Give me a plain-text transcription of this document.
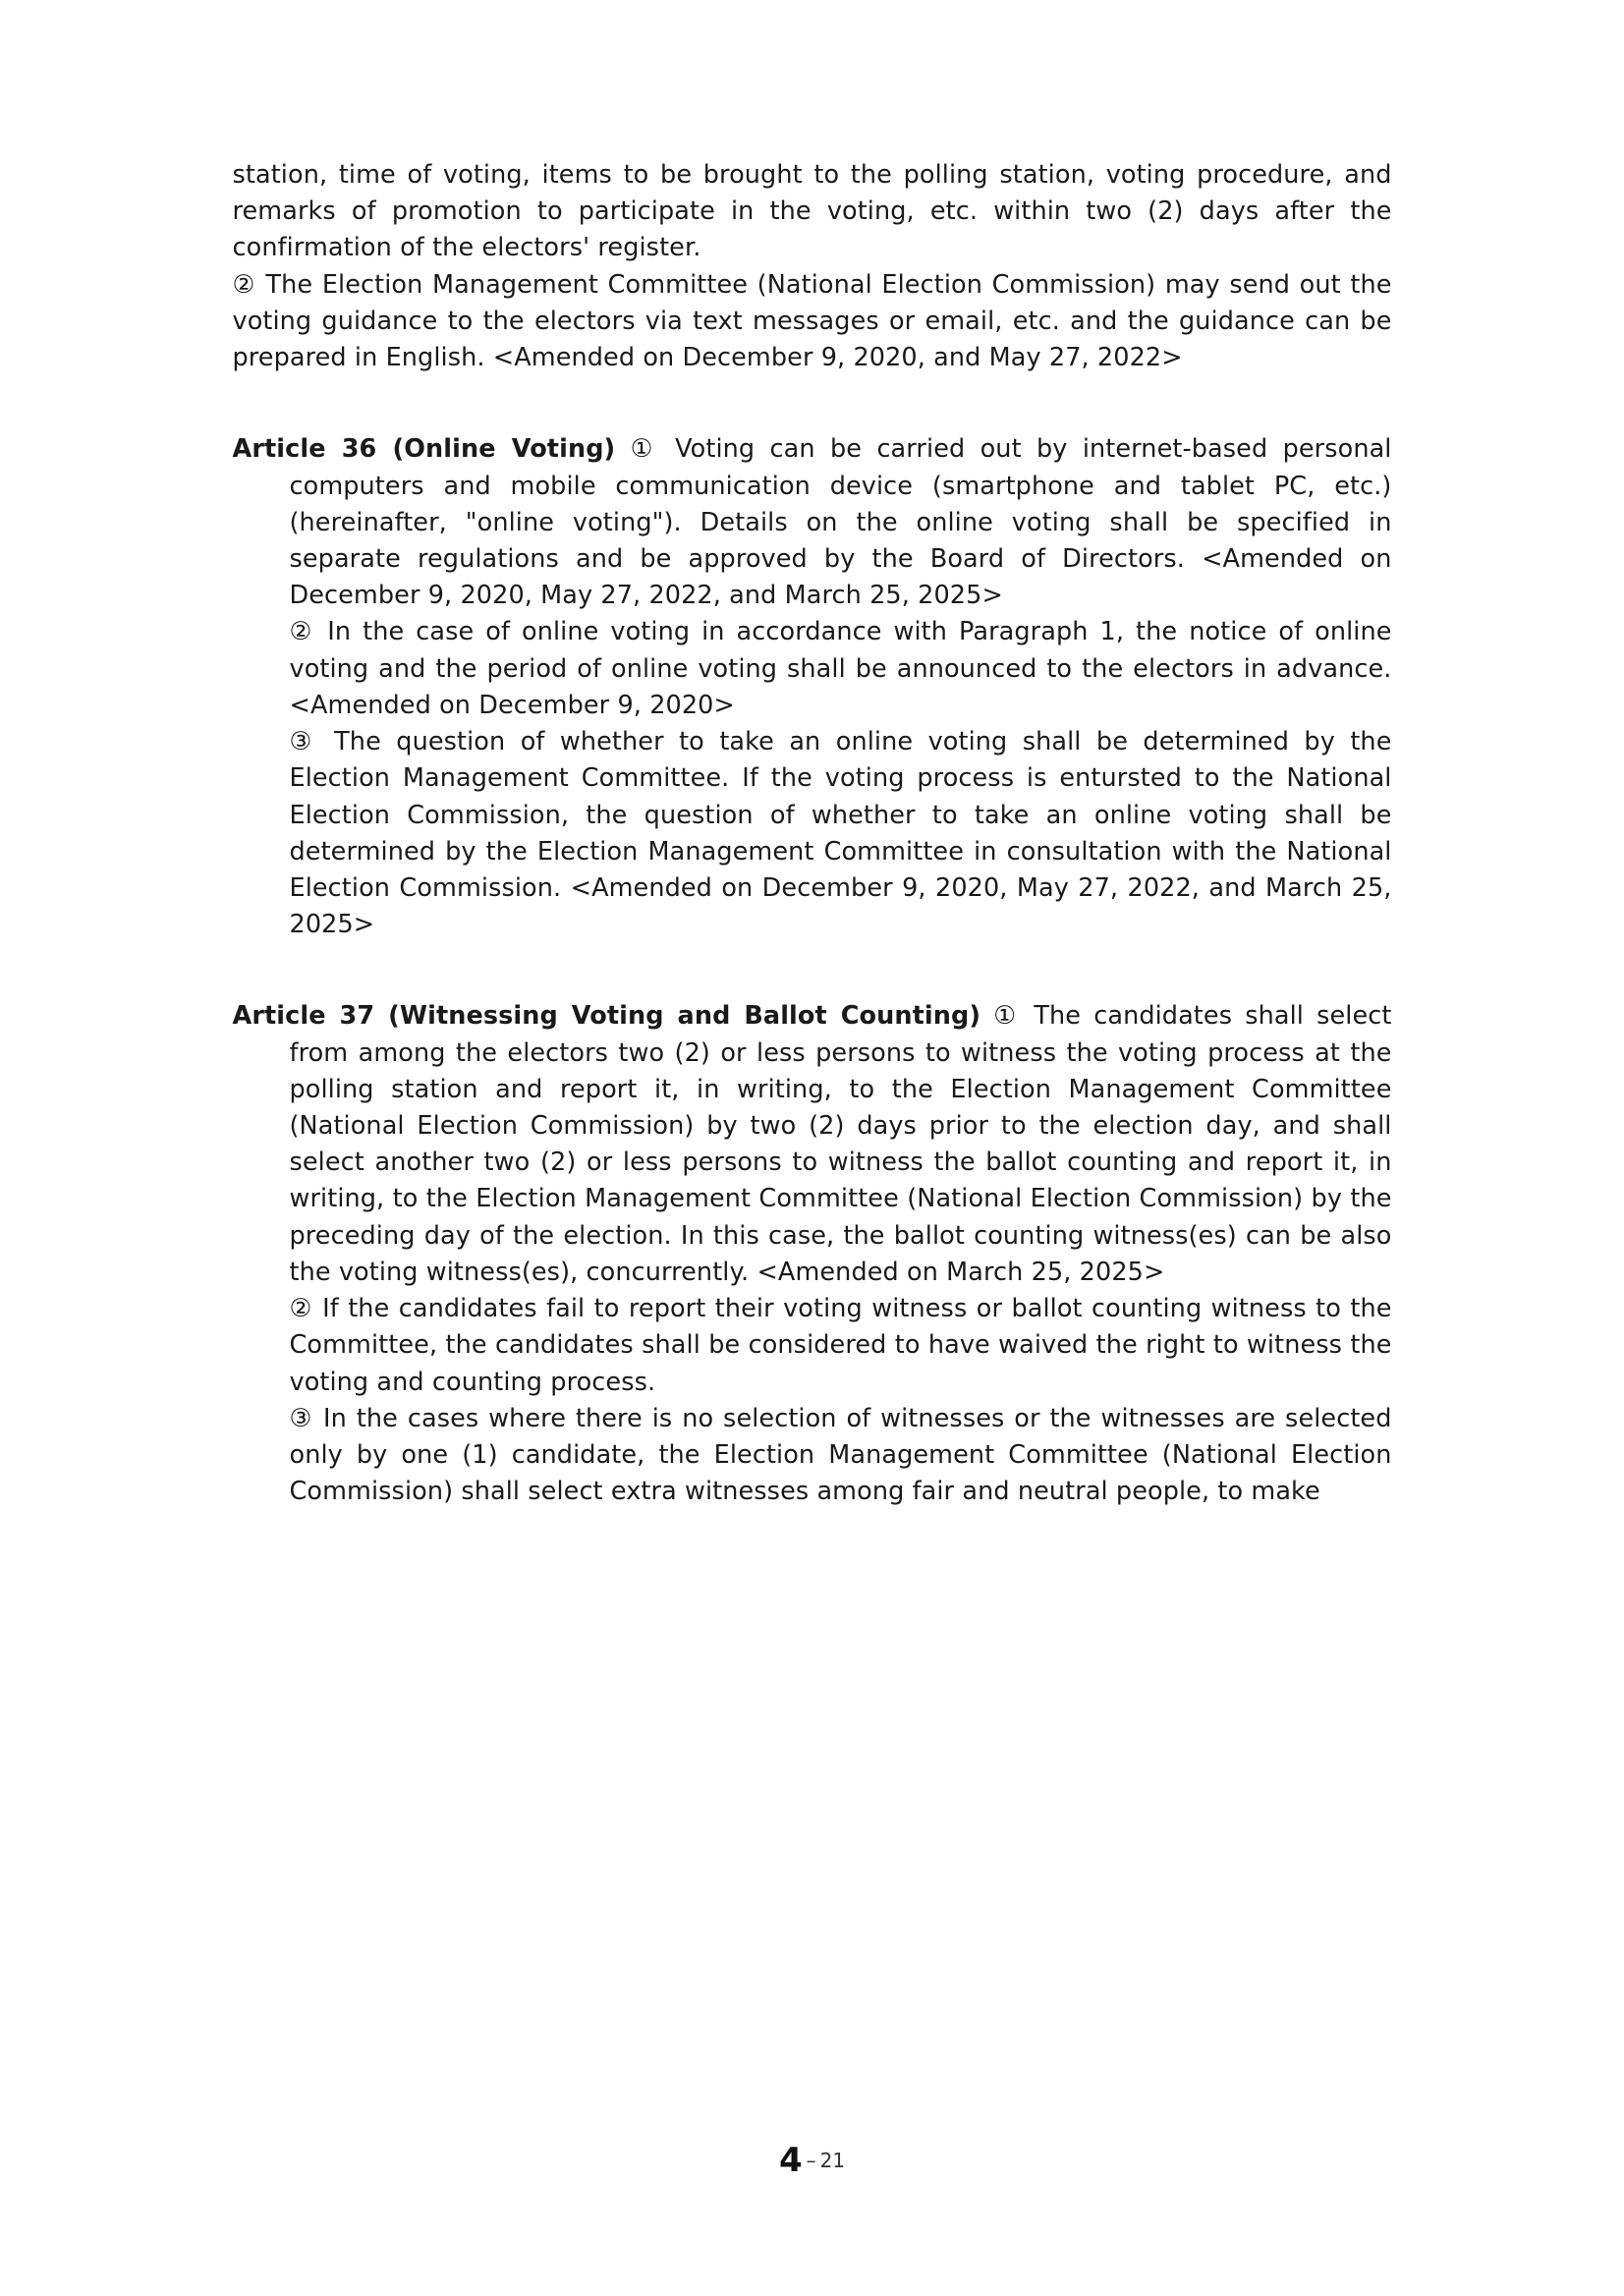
station, time of voting, items to be brought to the polling station, voting procedure, and remarks of promotion to participate in the voting, etc. within two (2) days after the confirmation of the electors' register.

② The Election Management Committee (National Election Commission) may send out the voting guidance to the electors via text messages or email, etc. and the guidance can be prepared in English. <Amended on December 9, 2020, and May 27, 2022>

Article 36 (Online Voting) ① Voting can be carried out by internet-based personal computers and mobile communication device (smartphone and tablet PC, etc.) (hereinafter, "online voting"). Details on the online voting shall be specified in separate regulations and be approved by the Board of Directors. <Amended on December 9, 2020, May 27, 2022, and March 25, 2025>

② In the case of online voting in accordance with Paragraph 1, the notice of online voting and the period of online voting shall be announced to the electors in advance. <Amended on December 9, 2020>

③ The question of whether to take an online voting shall be determined by the Election Management Committee. If the voting process is entursted to the National Election Commission, the question of whether to take an online voting shall be determined by the Election Management Committee in consultation with the National Election Commission. <Amended on December 9, 2020, May 27, 2022, and March 25, 2025>

Article 37 (Witnessing Voting and Ballot Counting) ① The candidates shall select from among the electors two (2) or less persons to witness the voting process at the polling station and report it, in writing, to the Election Management Committee (National Election Commission) by two (2) days prior to the election day, and shall select another two (2) or less persons to witness the ballot counting and report it, in writing, to the Election Management Committee (National Election Commission) by the preceding day of the election. In this case, the ballot counting witness(es) can be also the voting witness(es), concurrently. <Amended on March 25, 2025>

② If the candidates fail to report their voting witness or ballot counting witness to the Committee, the candidates shall be considered to have waived the right to witness the voting and counting process.

③ In the cases where there is no selection of witnesses or the witnesses are selected only by one (1) candidate, the Election Management Committee (National Election Commission) shall select extra witnesses among fair and neutral people, to make

4 – 21
